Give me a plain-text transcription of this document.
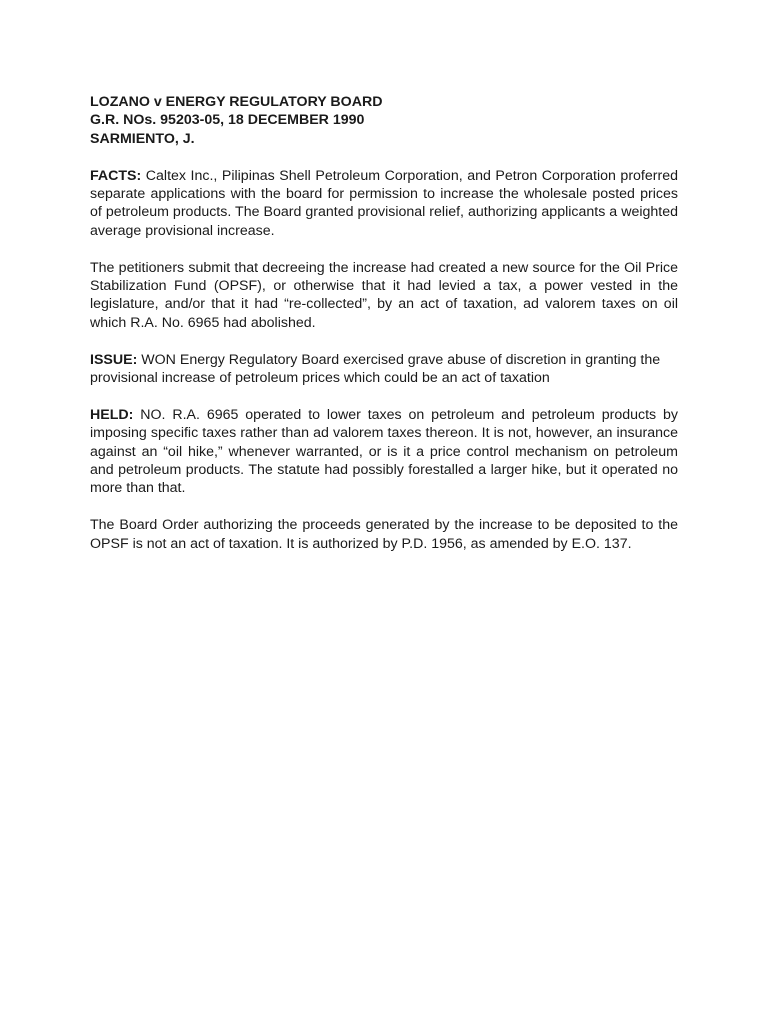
LOZANO v ENERGY REGULATORY BOARD

G.R. NOs. 95203-05, 18 DECEMBER 1990

SARMIENTO, J.

FACTS: Caltex Inc., Pilipinas Shell Petroleum Corporation, and Petron Corporation proferred separate applications with the board for permission to increase the wholesale posted prices of petroleum products. The Board granted provisional relief, authorizing applicants a weighted average provisional increase.

The petitioners submit that decreeing the increase had created a new source for the Oil Price Stabilization Fund (OPSF), or otherwise that it had levied a tax, a power vested in the legislature, and/or that it had “re-collected”, by an act of taxation, ad valorem taxes on oil which R.A. No. 6965 had abolished.

ISSUE: WON Energy Regulatory Board exercised grave abuse of discretion in granting the provisional increase of petroleum prices which could be an act of taxation

HELD: NO. R.A. 6965 operated to lower taxes on petroleum and petroleum products by imposing specific taxes rather than ad valorem taxes thereon. It is not, however, an insurance against an “oil hike,” whenever warranted, or is it a price control mechanism on petroleum and petroleum products. The statute had possibly forestalled a larger hike, but it operated no more than that.

The Board Order authorizing the proceeds generated by the increase to be deposited to the OPSF is not an act of taxation. It is authorized by P.D. 1956, as amended by E.O. 137.
